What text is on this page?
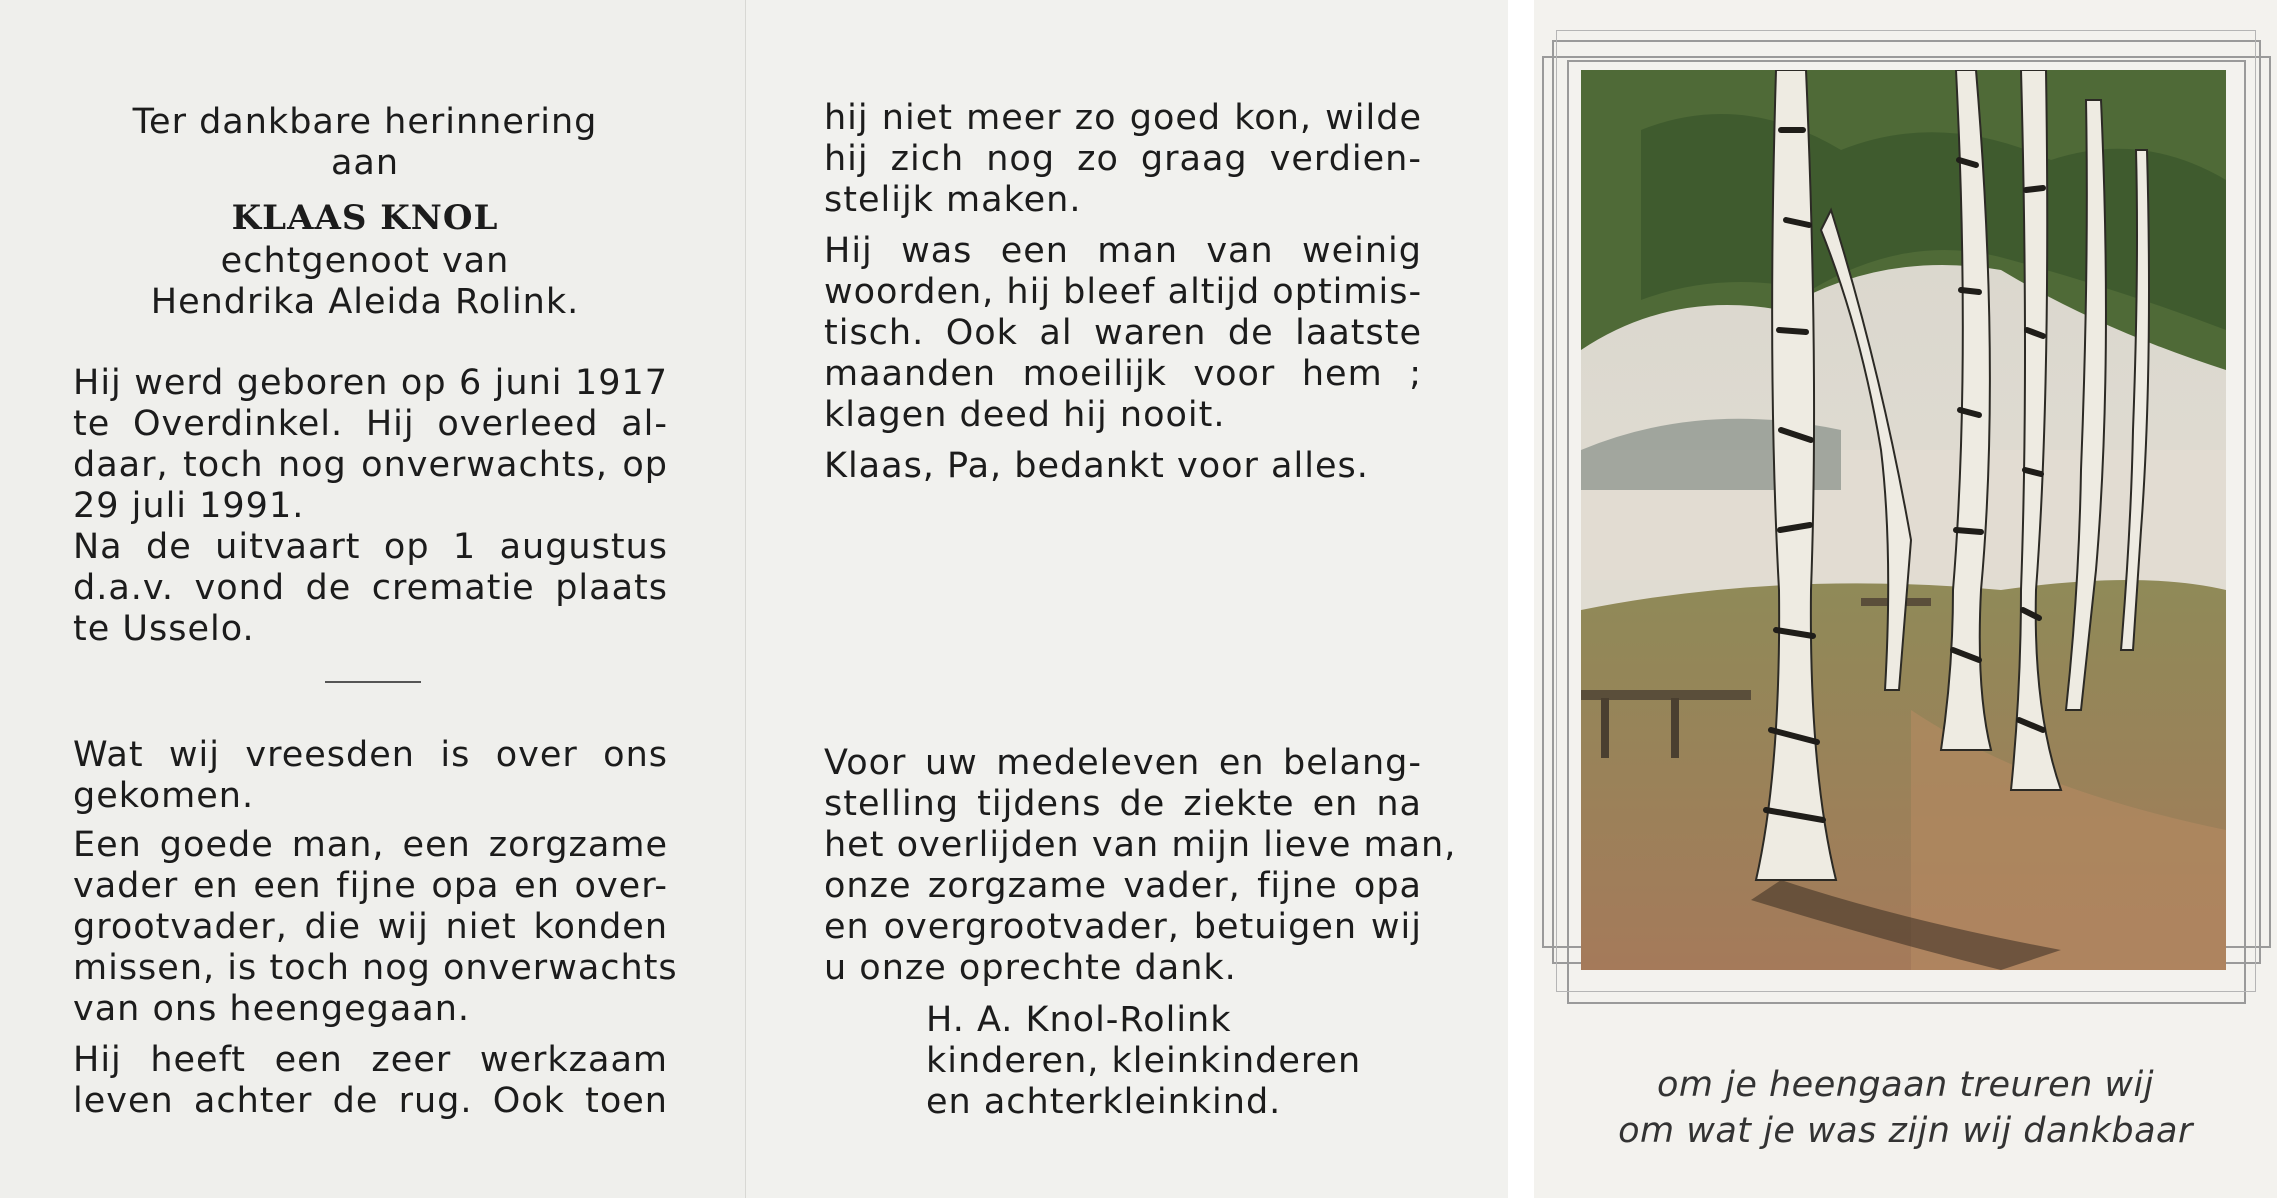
Ter dankbare herinnering
aan
KLAAS KNOL
echtgenoot van
Hendrika Aleida Rolink.
Hij werd geboren op 6 juni 1917
te Overdinkel. Hij overleed al-
daar, toch nog onverwachts, op
29 juli 1991.
Na de uitvaart op 1 augustus
d.a.v. vond de crematie plaats
te Usselo.
Wat wij vreesden is over ons
gekomen.
Een goede man, een zorgzame
vader en een fijne opa en over-
grootvader, die wij niet konden
missen, is toch nog onverwachts
van ons heengegaan.
Hij heeft een zeer werkzaam
leven achter de rug. Ook toen
hij niet meer zo goed kon, wilde
hij zich nog zo graag verdien-
stelijk maken.
Hij was een man van weinig
woorden, hij bleef altijd optimis-
tisch. Ook al waren de laatste
maanden moeilijk voor hem ;
klagen deed hij nooit.
Klaas, Pa, bedankt voor alles.
Voor uw medeleven en belang-
stelling tijdens de ziekte en na
het overlijden van mijn lieve man,
onze zorgzame vader, fijne opa
en overgrootvader, betuigen wij
u onze oprechte dank.
H. A. Knol-Rolink
kinderen, kleinkinderen
en achterkleinkind.	om je heengaan treuren wij
om wat je was zijn wij dankbaar
